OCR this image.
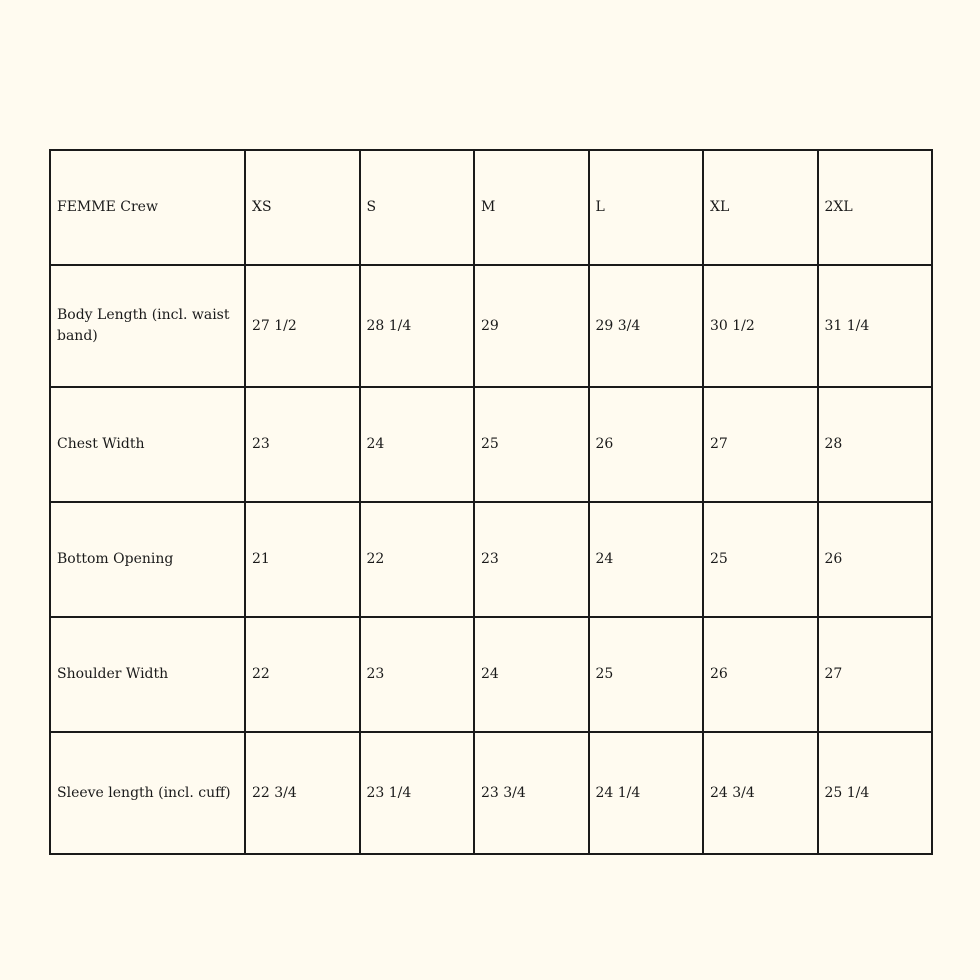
FEMME Crew	XS	S	M	L	XL	2XL
Body Length (incl. waist band)	27 1/2	28 1/4	29	29 3/4	30 1/2	31 1/4
Chest Width	23	24	25	26	27	28
Bottom Opening	21	22	23	24	25	26
Shoulder Width	22	23	24	25	26	27
Sleeve length (incl. cuff)	22 3/4	23 1/4	23 3/4	24 1/4	24 3/4	25 1/4
